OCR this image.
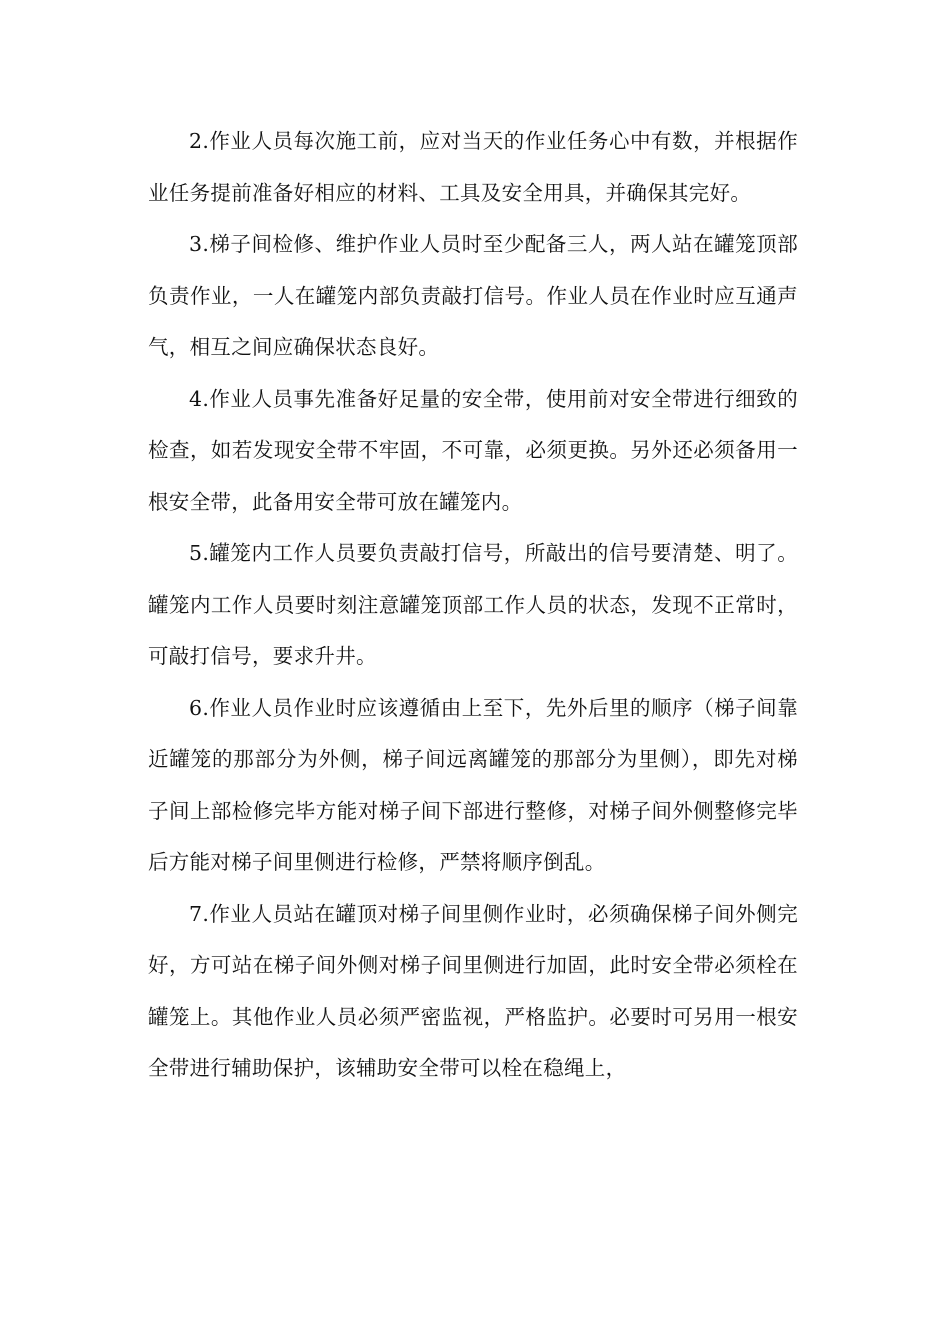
2.作业人员每次施工前，应对当天的作业任务心中有数，并根据作业任务提前准备好相应的材料、工具及安全用具，并确保其完好。

3.梯子间检修、维护作业人员时至少配备三人，两人站在罐笼顶部负责作业，一人在罐笼内部负责敲打信号。作业人员在作业时应互通声气，相互之间应确保状态良好。

4.作业人员事先准备好足量的安全带，使用前对安全带进行细致的检查，如若发现安全带不牢固，不可靠，必须更换。另外还必须备用一根安全带，此备用安全带可放在罐笼内。

5.罐笼内工作人员要负责敲打信号，所敲出的信号要清楚、明了。罐笼内工作人员要时刻注意罐笼顶部工作人员的状态，发现不正常时，可敲打信号，要求升井。

6.作业人员作业时应该遵循由上至下，先外后里的顺序（梯子间靠近罐笼的那部分为外侧，梯子间远离罐笼的那部分为里侧），即先对梯子间上部检修完毕方能对梯子间下部进行整修，对梯子间外侧整修完毕后方能对梯子间里侧进行检修，严禁将顺序倒乱。

7.作业人员站在罐顶对梯子间里侧作业时，必须确保梯子间外侧完好，方可站在梯子间外侧对梯子间里侧进行加固，此时安全带必须栓在罐笼上。其他作业人员必须严密监视，严格监护。必要时可另用一根安全带进行辅助保护，该辅助安全带可以栓在稳绳上，
